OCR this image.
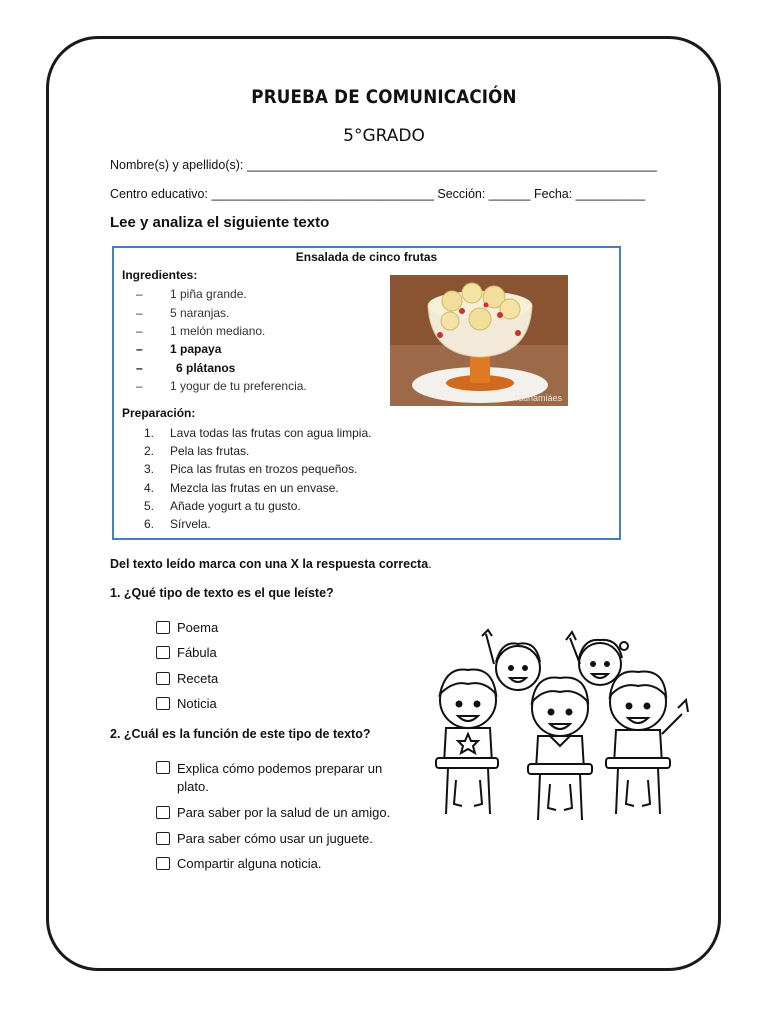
PRUEBA DE COMUNICACIÓN
5°GRADO
Nombre(s) y apellido(s): ___________________________________________________________
Centro educativo: ________________________________ Sección: ______ Fecha: __________
Lee y analiza el siguiente texto
Ensalada de cinco frutas
Ingredientes:
– 1 piña grande.
– 5 naranjas.
– 1 melón mediano.
– 1 papaya
–	6 plátanos
– 1 yogur de tu preferencia.
Tsunamiáes
Preparación:
1. Lava todas las frutas con agua limpia.
2. Pela las frutas.
3. Pica las frutas en trozos pequeños.
4. Mezcla las frutas en un envase.
5. Añade yogurt a tu gusto.
6. Sírvela.
Del texto leído marca con una X la respuesta correcta.
1. ¿Qué tipo de texto es el que leíste?
Poema
Fábula
Receta
Noticia
2. ¿Cuál es la función de este tipo de texto?
Explica cómo podemos preparar un plato.
Para saber por la salud de un amigo.
Para saber cómo usar un juguete.
Compartir alguna noticia.
